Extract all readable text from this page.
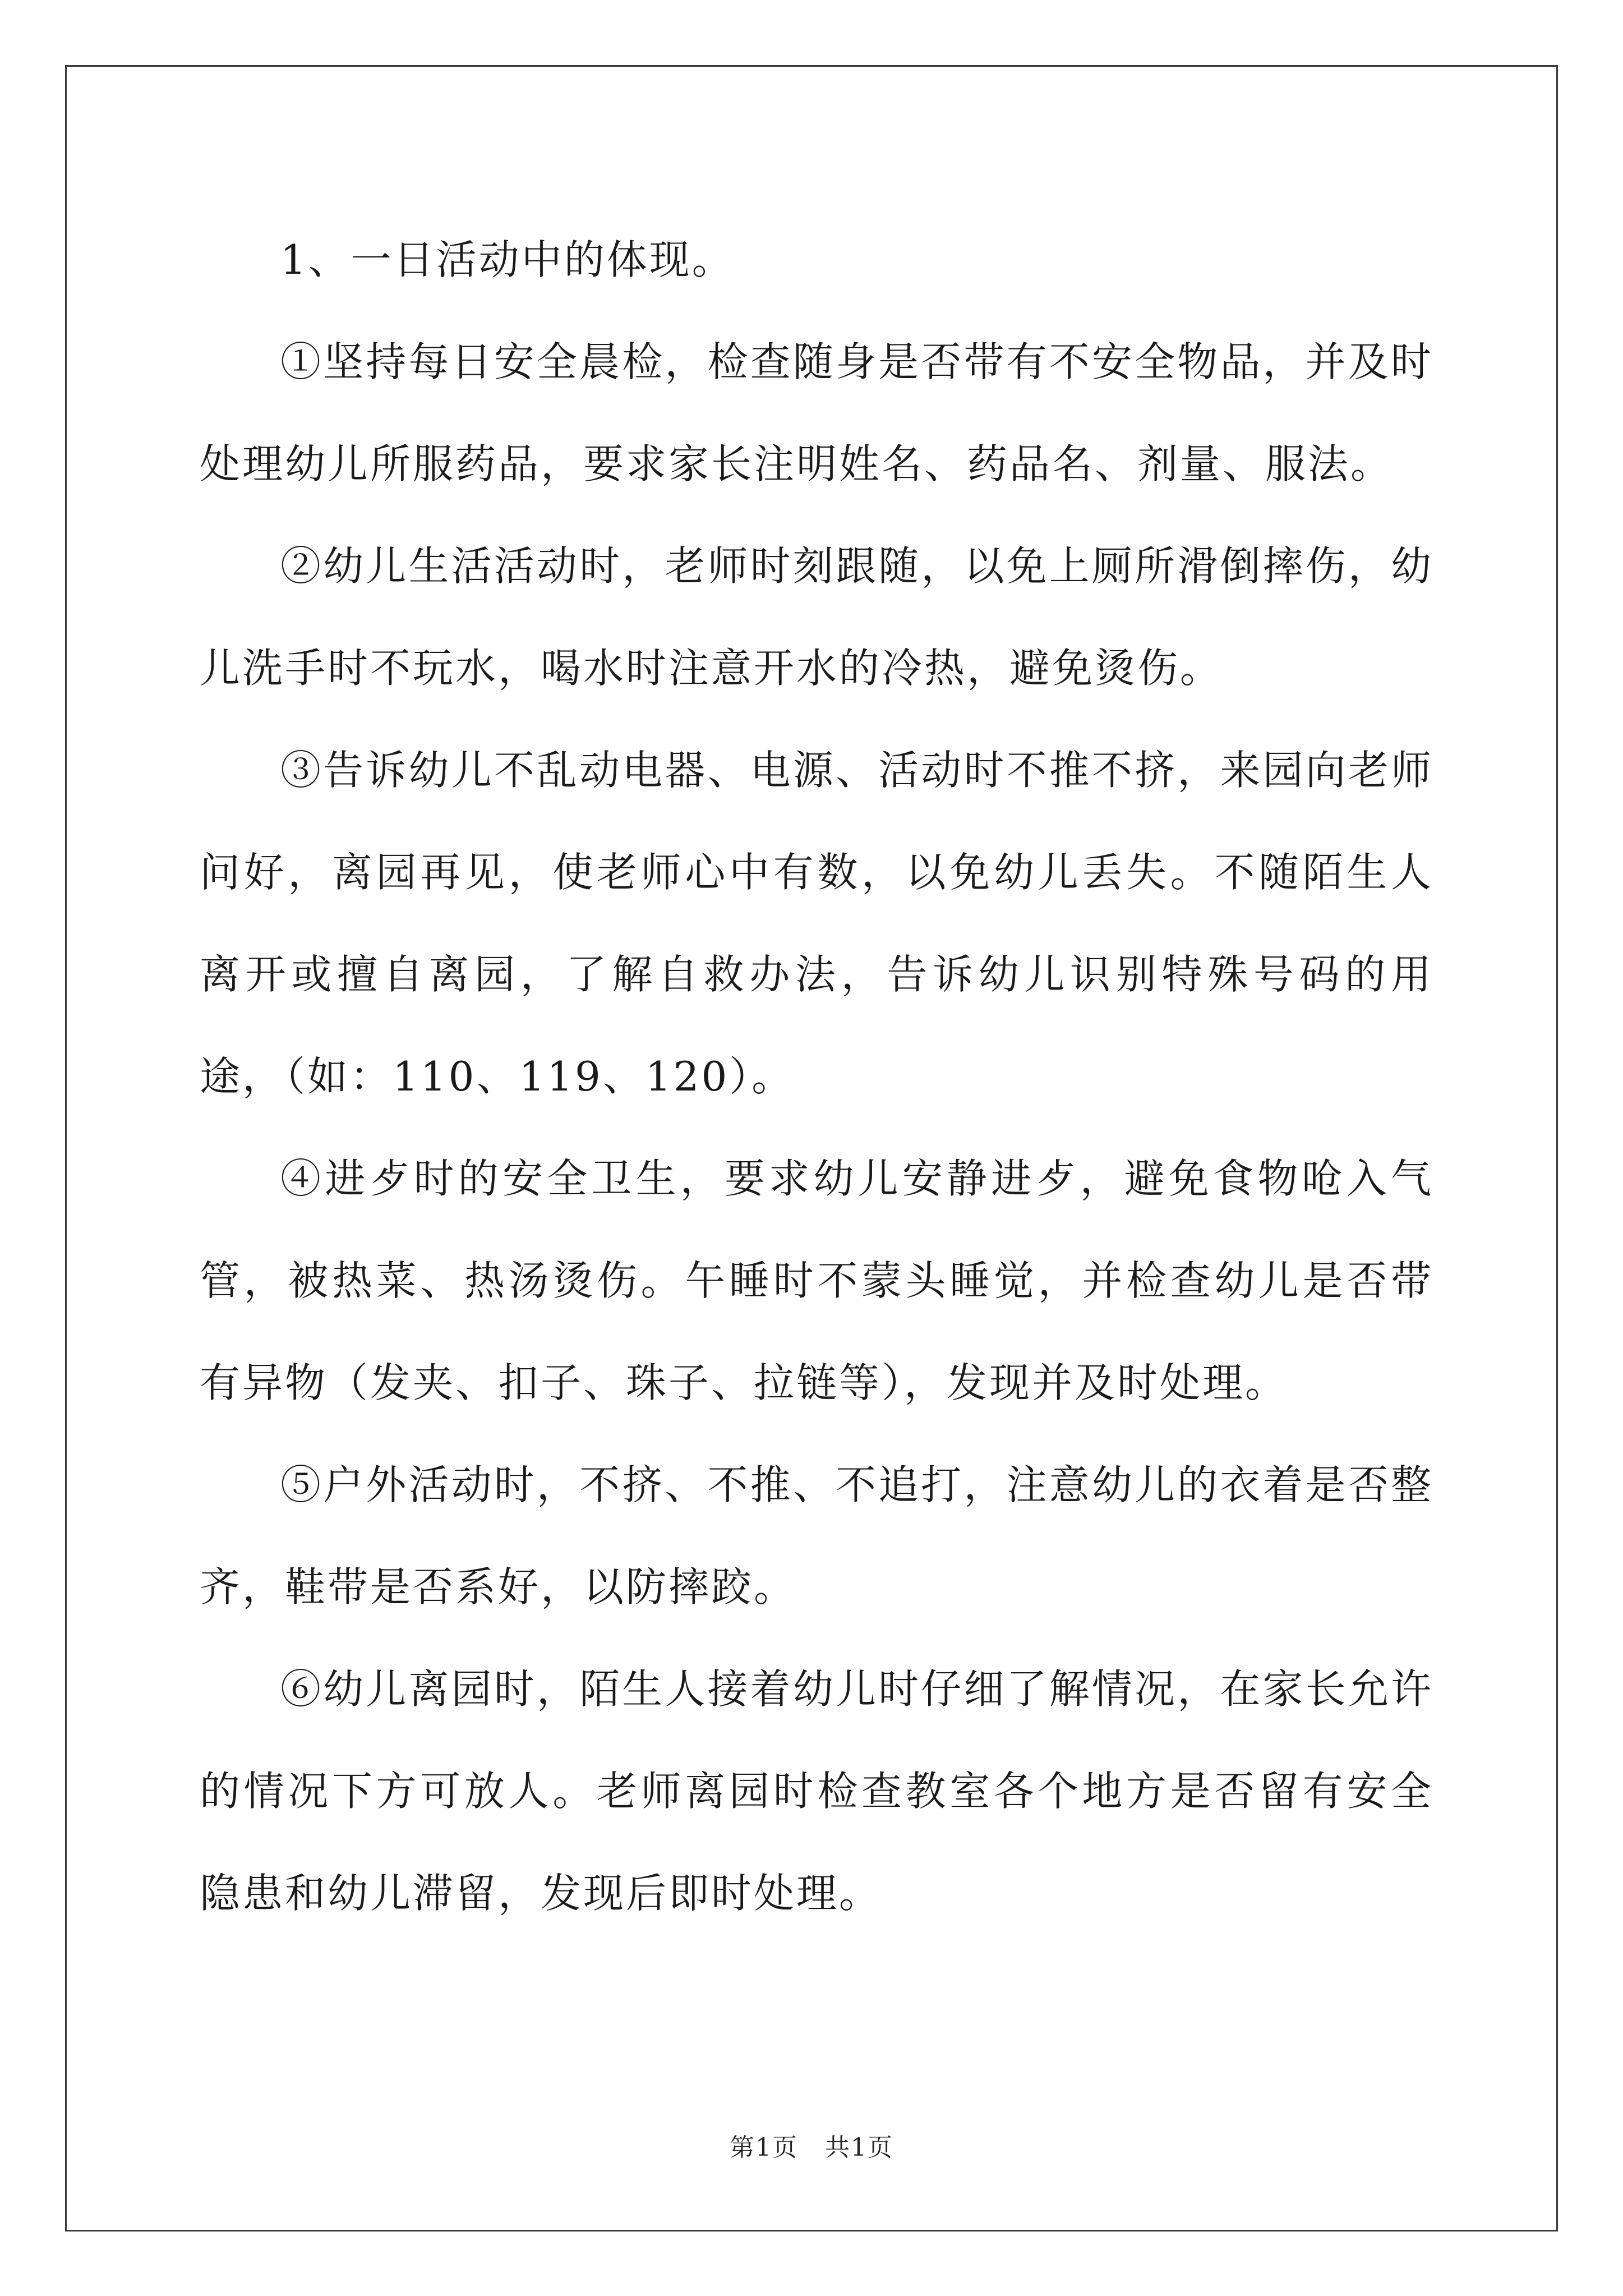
1、一日活动中的体现。

①坚持每日安全晨检，检查随身是否带有不安全物品，并及时处理幼儿所服药品，要求家长注明姓名、药品名、剂量、服法。

②幼儿生活活动时，老师时刻跟随，以免上厕所滑倒摔伤，幼儿洗手时不玩水，喝水时注意开水的冷热，避免烫伤。

③告诉幼儿不乱动电器、电源、活动时不推不挤，来园向老师问好，离园再见，使老师心中有数，以免幼儿丢失。不随陌生人离开或擅自离园，了解自救办法，告诉幼儿识别特殊号码的用途，（如：110、119、120）。

④进歺时的安全卫生，要求幼儿安静进歺，避免食物呛入气管，被热菜、热汤烫伤。午睡时不蒙头睡觉，并检查幼儿是否带有异物（发夹、扣子、珠子、拉链等），发现并及时处理。

⑤户外活动时，不挤、不推、不追打，注意幼儿的衣着是否整齐，鞋带是否系好，以防摔跤。

⑥幼儿离园时，陌生人接着幼儿时仔细了解情况，在家长允许的情况下方可放人。老师离园时检查教室各个地方是否留有安全隐患和幼儿滞留，发现后即时处理。

第1页 共1页
